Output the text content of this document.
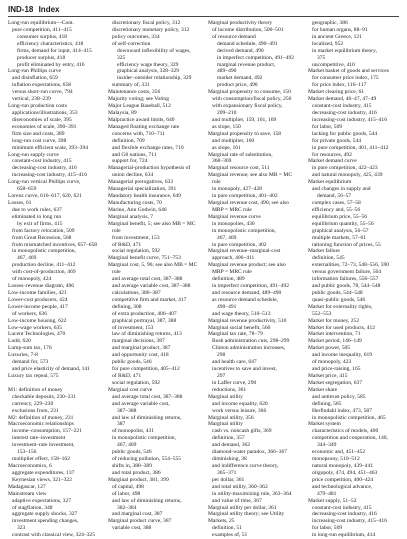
IND-18 Index
Long-run equilibrium—Cont.
pure competition, 411–415
consumer surplus, 418
efficiency characteristics, 418
firms, demand for input, 414–415
producer surplus, 418
profit eliminated by entry, 416
Long-run Phillips curve
and disinflation, 659
inflation expectations, 658
versus short-run curve, 794
vertical, 238–239
Long-run production costs
applications/illustrations, 353
diseconomies of scale, 395
economies of scale, 390–391
firm size and costs, 389
long-run cost curve, 398
minimum efficient scale, 393–394
Long-run supply curve
constant-cost industry, 415
decreasing-cost industry, 416
increasing-cost industry, 415–416
Long-run vertical Phillips curve,
658–659
Lorenz curve, 616–617, 620, 621
Losses, 61
due to work rules, 637
eliminated in long run
by exit of firms, 415
from factory relocation, 509
from Great Recession, 568
from mismatched incentives, 657–658
in monopolistic competition,
467, 469
production decline, 411–412
with cost-of-production, 469
of monopoly, 424
Losses–revenue diagram, 406
Low-income families, 421
Lower-cost producers, 424
Lower-income people, 417
of workers, 636
Low-income housing, 622
Low-wage workers, 635
Lucent Technologies, 470
Ludd, 620
Lump-sum tax, 176
Luxuries, 7-8
demand for, 573
and price elasticity of demand, 141
Luxury tax repeal, 575

M1: definition of money
checkable deposits, 230–231
currency, 229–230
exclusions from, 231
M2: definition of money, 231
Macroeconomic relationships
income–consumption, 157–221
interest rate–investment
investment–rate investment,
153–156
multiplier effect, 158–162
Macroeconomics, 6
aggregate expenditures, 137
Keynesian views, 321–322
Madagascar, 127
Mainstream view
adaptive expectations, 327
of stagflation, 348
aggregate supply shocks, 327
investment spending changes,
323
contrast with classical view, 324–325
discretionary fiscal policy, 312
discretionary monetary policy, 312
policy outcomes, 334
of self-correction
downward inflexibility of wages,
325
efficiency wage theory, 329
graphical analysis, 328–329
insider–outsider relationship, 329
summary of, 331
Maintenance costs, 356
Majority voting; see Voting
Major League Baseball, 512
Malaysia, 89
Malpractice award limits, 640
Managed floating exchange rate
concerns with, 710–711
definition, 709
and flexible exchange rates, 710
and G8 nations, 711
support for, 724
Managerial-production hypothesis of
union decline, 634
Managerial prerogatives, 633
Managerial specialization, 391
Mandatory health insurance, 649
Manufacturing costs, 70
Marino, Ann Godwin, 646
Marginal analysis, 7
Marginal benefit, 5; see also MB = MC
rule
from investment, 153
of R&D, 471
social regulation, 592
Marginal benefit curve, 751–753
Marginal cost, 5, 96; see also MB = MC
rule
and average total cost, 387–388
and average variable cost, 387–388
calculations, 386–387
competitive firm and market, 417
defining, 308
of extra production, 406–407
graphical portrayal, 387, 388
of investment, 153
law of diminishing returns, 413
marginal decisions, 387
and marginal product, 387
and opportunity cost, 418
public goods, 546
for pure competition, 405–412
of R&D, 471
social regulation, 592
Marginal cost curve
and average total cost, 387–388
and average variable cost,
387–388
and law of diminishing returns,
387
of monopolist, 431
in monopolistic competition,
467, 469
public goods, 546
of reducing pollution, 554–555
shifts in, 388–389
and total product, 386
Marginal product, 381, 399
of capital, 498
of labor, 498
and law of diminishing returns,
382–384
and marginal cost, 387
Marginal product curve, 387
variable cost, 388
Marginal productivity theory
of income distribution, 500–501
of resource demand
demand schedule, 490–491
derived demand, 490
in imperfect competition, 491–492
marginal revenue product,
489–490
market demand, 492
product price, 490
Marginal propensity to consume, 150
with consumption/fiscal policy, 250
with expansionary fiscal policy,
209–210
and multiplier, 159, 161, 169
as slope, 150
Marginal propensity to save, 158
and multiplier, 160
as slope, 161
Marginal rate of substitution,
368–369
Marginal resource cost, 511
Marginal revenue; see also MR = MC
rule
in monopoly, 427–428
in pure competition, 401–402
Marginal revenue cost, 490; see also
MRP = MRC rule
Marginal revenue curve
in monopolies, 430
in monopolistic competition,
467, 469
in pure competition, 402
Marginal revenue–marginal-cost
approach, 406–411
Marginal revenue product; see also
MRP = MRC rule
definition, 489
in imperfect competition, 491–492
and resource demand, 489–490
as resource demand schedule,
490–491
and wage theory, 510–513
Marginal revenue productivity, 510
Marginal social benefit, 560
Marginal tax rate, 78–79
Bush administration cuts, 298–299
Clinton administration increases,
298
and health care, 647
incentives to save and invest,
297
in Laffer curve, 290
reductions, 361
Marginal utility
and income equality, 620
work versus leisure, 366
Marginal utility, 356
Marginal utility
cash vs. noncash gifts, 369
definition, 357
and demand, 362
diamond-water paradox, 366–367
diminishing, 38
and indifference curve theory,
365–371
per dollar, 361
and total utility, 360–362
in utility-maximizing rule, 363–364
and value of time, 367
Marginal utility per dollar, 361
Marginal utility theory; see Utility
Markets, 25
definition, 51
examples of, 51
geographic, 386
for human organs, 88–91
in ancient Greece, 121
localized, 952
in market equilibrium theory,
375
uncompetitive, 410
Market basket of goods and services
for consumer price index, 175
for price index, 116–117
Market clearing price, 61
Market demand, 46–47, 47–49
constant-cost industry, 415
decreasing-cost industry, 416
increasing-cost industry, 415–416
for labor, 509
lacking for public goods, 544
for private goods, 544
in pure competition, 401, 411–412
for resources, 492
Market demand curve
in pure competition, 422–423
and natural monopoly, 425, 439
Market equilibrium
and changes in supply and
demand, 56–57
complex cases, 57–58
efficiency and, 55–56
equilibrium price, 55–56
equilibrium quantity, 55–56
graphical analysis, 56–57
multiple markets, 57–61
rationing function of prices, 55
Market failure
definition, 545
externalities, 72–73, 548–556, 590
versus government failure, 564
information failures, 556–557
and public goods, 78, 544–548
public goods, 544–548
quasi-public goods, 546
Market for externality rights,
552–553
Market for money, 252
Market for used products, 412
Market intervention, 71
Market period, 146–149
Market power, 505
and income inequality, 619
of monopoly, 423
and price-raising, 165
Market price, 415
Market segregation, 637
Market share
and antitrust policy, 585
defining, 585
Herfindahl index, 473, 587
in monopolistic competition, 465
Market system
characteristics of models, 400
competition and cooperation, 140,
344–349
economic and, 451–452
monopsony, 510–512
natural monopoly, 439–441
oligopoly, 474, 494, 451–463
price competition, 400–424
and technological advance,
479–481
Market supply, 51–52
constant-cost industry, 415
decreasing-cost industry, 416
increasing-cost industry, 415–416
for labor, 509
in long-run equilibrium, 414
